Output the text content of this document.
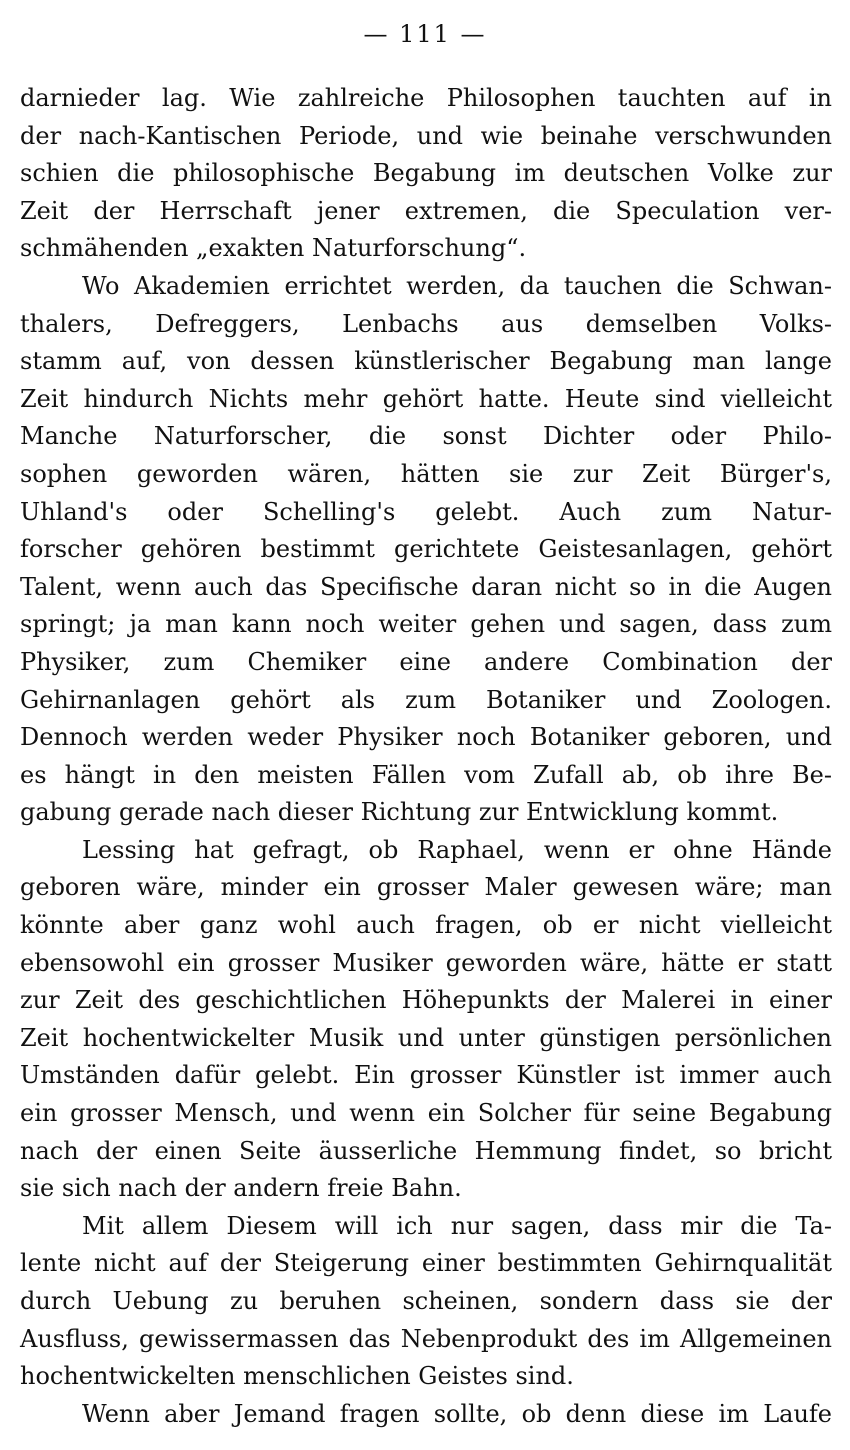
— 111 —
darnieder lag. Wie zahlreiche Philosophen tauchten auf in
der nach-Kantischen Periode, und wie beinahe verschwunden
schien die philosophische Begabung im deutschen Volke zur
Zeit der Herrschaft jener extremen, die Speculation ver-
schmähenden „exakten Naturforschung“.
Wo Akademien errichtet werden, da tauchen die Schwan-
thalers, Defreggers, Lenbachs aus demselben Volks-
stamm auf, von dessen künstlerischer Begabung man lange
Zeit hindurch Nichts mehr gehört hatte. Heute sind vielleicht
Manche Naturforscher, die sonst Dichter oder Philo-
sophen geworden wären, hätten sie zur Zeit Bürger's,
Uhland's oder Schelling's gelebt. Auch zum Natur-
forscher gehören bestimmt gerichtete Geistesanlagen, gehört
Talent, wenn auch das Specifische daran nicht so in die Augen
springt; ja man kann noch weiter gehen und sagen, dass zum
Physiker, zum Chemiker eine andere Combination der
Gehirnanlagen gehört als zum Botaniker und Zoologen.
Dennoch werden weder Physiker noch Botaniker geboren, und
es hängt in den meisten Fällen vom Zufall ab, ob ihre Be-
gabung gerade nach dieser Richtung zur Entwicklung kommt.
Lessing hat gefragt, ob Raphael, wenn er ohne Hände
geboren wäre, minder ein grosser Maler gewesen wäre; man
könnte aber ganz wohl auch fragen, ob er nicht vielleicht
ebensowohl ein grosser Musiker geworden wäre, hätte er statt
zur Zeit des geschichtlichen Höhepunkts der Malerei in einer
Zeit hochentwickelter Musik und unter günstigen persönlichen
Umständen dafür gelebt. Ein grosser Künstler ist immer auch
ein grosser Mensch, und wenn ein Solcher für seine Begabung
nach der einen Seite äusserliche Hemmung findet, so bricht
sie sich nach der andern freie Bahn.
Mit allem Diesem will ich nur sagen, dass mir die Ta-
lente nicht auf der Steigerung einer bestimmten Gehirnqualität
durch Uebung zu beruhen scheinen, sondern dass sie der
Ausfluss, gewissermassen das Nebenprodukt des im Allgemeinen
hochentwickelten menschlichen Geistes sind.
Wenn aber Jemand fragen sollte, ob denn diese im Laufe
